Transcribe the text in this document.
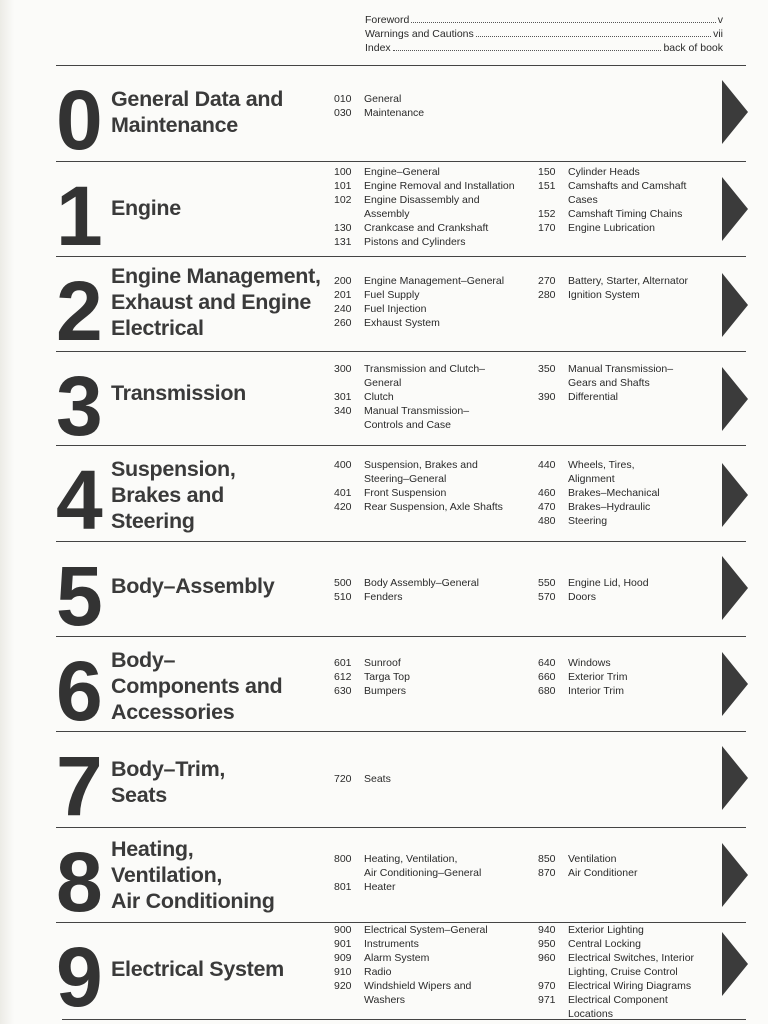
Foreword	v
Warnings and Cautions	vii
Index	back of book
0 General Data and
Maintenance
010	General
030	Maintenance
1 Engine
100	Engine–General
101	Engine Removal and Installation
102	Engine Disassembly and
Assembly
130	Crankcase and Crankshaft
131	Pistons and Cylinders
150	Cylinder Heads
151	Camshafts and Camshaft
Cases
152	Camshaft Timing Chains
170	Engine Lubrication
2 Engine Management,
Exhaust and Engine
Electrical
200	Engine Management–General
201	Fuel Supply
240	Fuel Injection
260	Exhaust System
270	Battery, Starter, Alternator
280	Ignition System
3 Transmission
300	Transmission and Clutch–
General
301	Clutch
340	Manual Transmission–
Controls and Case
350	Manual Transmission–
Gears and Shafts
390	Differential
4 Suspension,
Brakes and
Steering
400	Suspension, Brakes and
Steering–General
401	Front Suspension
420	Rear Suspension, Axle Shafts
440	Wheels, Tires,
Alignment
460	Brakes–Mechanical
470	Brakes–Hydraulic
480	Steering
5 Body–Assembly	500	Body Assembly–General
510	Fenders
550	Engine Lid, Hood
570	Doors
6 Body–
Components and
Accessories
601	Sunroof
612	Targa Top
630	Bumpers
640	Windows
660	Exterior Trim
680	Interior Trim
7 Body–Trim,
Seats
720	Seats
8 Heating,
Ventilation,
Air Conditioning
800	Heating, Ventilation,
Air Conditioning–General
801	Heater
850	Ventilation
870	Air Conditioner
9 Electrical System
900	Electrical System–General
901	Instruments
909	Alarm System
910	Radio
920	Windshield Wipers and
Washers
940	Exterior Lighting
950	Central Locking
960	Electrical Switches, Interior
Lighting, Cruise Control
970	Electrical Wiring Diagrams
971	Electrical Component
Locations
